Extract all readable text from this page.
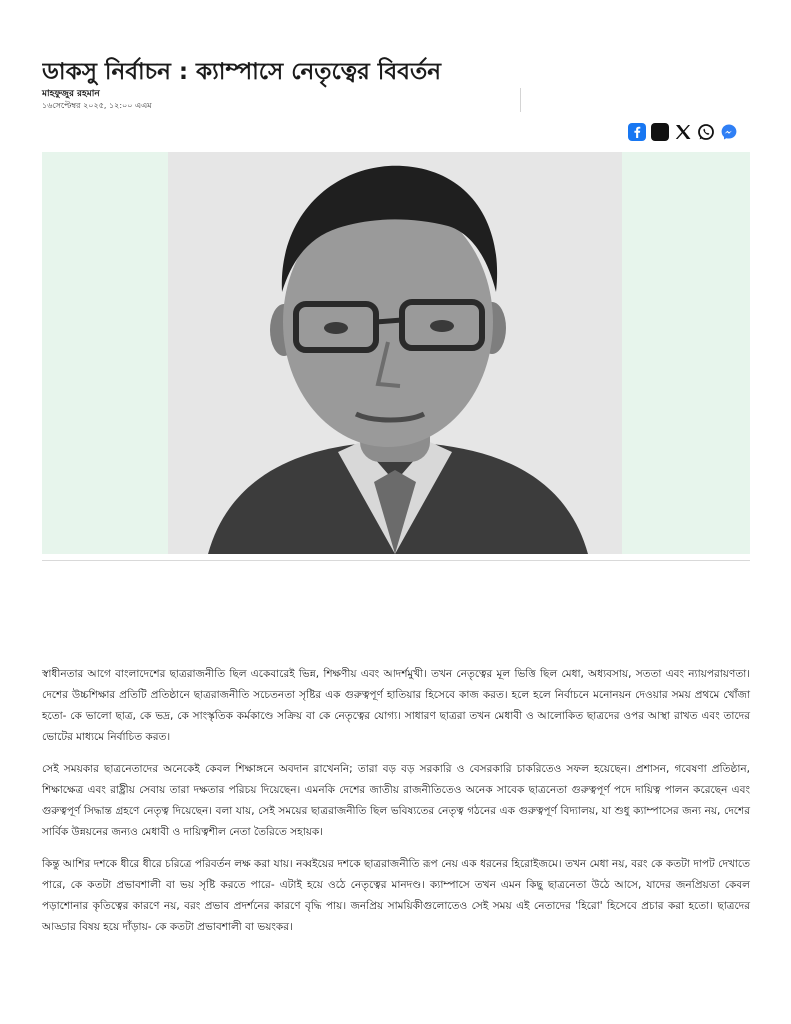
ডাকসু নির্বাচন : ক্যাম্পাসে নেতৃত্বের বিবর্তন
মাহফুজুর রহমান
১৬সেপ্টেম্বর ২০২৫, ১২:০০ এএম

স্বাধীনতার আগে বাংলাদেশের ছাত্ররাজনীতি ছিল একেবারেই ভিন্ন, শিক্ষণীয় এবং আদর্শমুখী। তখন নেতৃত্বের মূল ভিত্তি ছিল মেধা, অধ্যবসায়, সততা এবং ন্যায়পরায়ণতা। দেশের উচ্চশিক্ষার প্রতিটি প্রতিষ্ঠানে ছাত্ররাজনীতি সচেতনতা সৃষ্টির এক গুরুত্বপূর্ণ হাতিয়ার হিসেবে কাজ করত। হলে হলে নির্বাচনে মনোনয়ন দেওয়ার সময় প্রথমে খোঁজা হতো- কে ভালো ছাত্র, কে ভদ্র, কে সাংস্কৃতিক কর্মকাণ্ডে সক্রিয় বা কে নেতৃত্বের যোগ্য। সাধারণ ছাত্ররা তখন মেধাবী ও আলোকিত ছাত্রদের ওপর আস্থা রাখত এবং তাদের ভোটের মাধ্যমে নির্বাচিত করত।

সেই সময়কার ছাত্রনেতাদের অনেকেই কেবল শিক্ষাঙ্গনে অবদান রাখেননি; তারা বড় বড় সরকারি ও বেসরকারি চাকরিতেও সফল হয়েছেন। প্রশাসন, গবেষণা প্রতিষ্ঠান, শিক্ষাক্ষেত্র এবং রাষ্ট্রীয় সেবায় তারা দক্ষতার পরিচয় দিয়েছেন। এমনকি দেশের জাতীয় রাজনীতিতেও অনেক সাবেক ছাত্রনেতা গুরুত্বপূর্ণ পদে দায়িত্ব পালন করেছেন এবং গুরুত্বপূর্ণ সিদ্ধান্ত গ্রহণে নেতৃত্ব দিয়েছেন। বলা যায়, সেই সময়ের ছাত্ররাজনীতি ছিল ভবিষ্যতের নেতৃত্ব গঠনের এক গুরুত্বপূর্ণ বিদ্যালয়, যা শুধু ক্যাম্পাসের জন্য নয়, দেশের সার্বিক উন্নয়নের জন্যও মেধাবী ও দায়িত্বশীল নেতা তৈরিতে সহায়ক।

কিন্তু আশির দশকে ধীরে ধীরে চরিত্রে পরিবর্তন লক্ষ করা যায়। নব্বইয়ের দশকে ছাত্ররাজনীতি রূপ নেয় এক ধরনের হিরোইজমে। তখন মেধা নয়, বরং কে কতটা দাপট দেখাতে পারে, কে কতটা প্রভাবশালী বা ভয় সৃষ্টি করতে পারে- এটাই হয়ে ওঠে নেতৃত্বের মানদণ্ড। ক্যাম্পাসে তখন এমন কিছু ছাত্রনেতা উঠে আসে, যাদের জনপ্রিয়তা কেবল পড়াশোনার কৃতিত্বের কারণে নয়, বরং প্রভাব প্রদর্শনের কারণে বৃদ্ধি পায়। জনপ্রিয় সাময়িকীগুলোতেও সেই সময় এই নেতাদের 'হিরো' হিসেবে প্রচার করা হতো। ছাত্রদের আড্ডার বিষয় হয়ে দাঁড়ায়- কে কতটা প্রভাবশালী বা ভয়ংকর।
